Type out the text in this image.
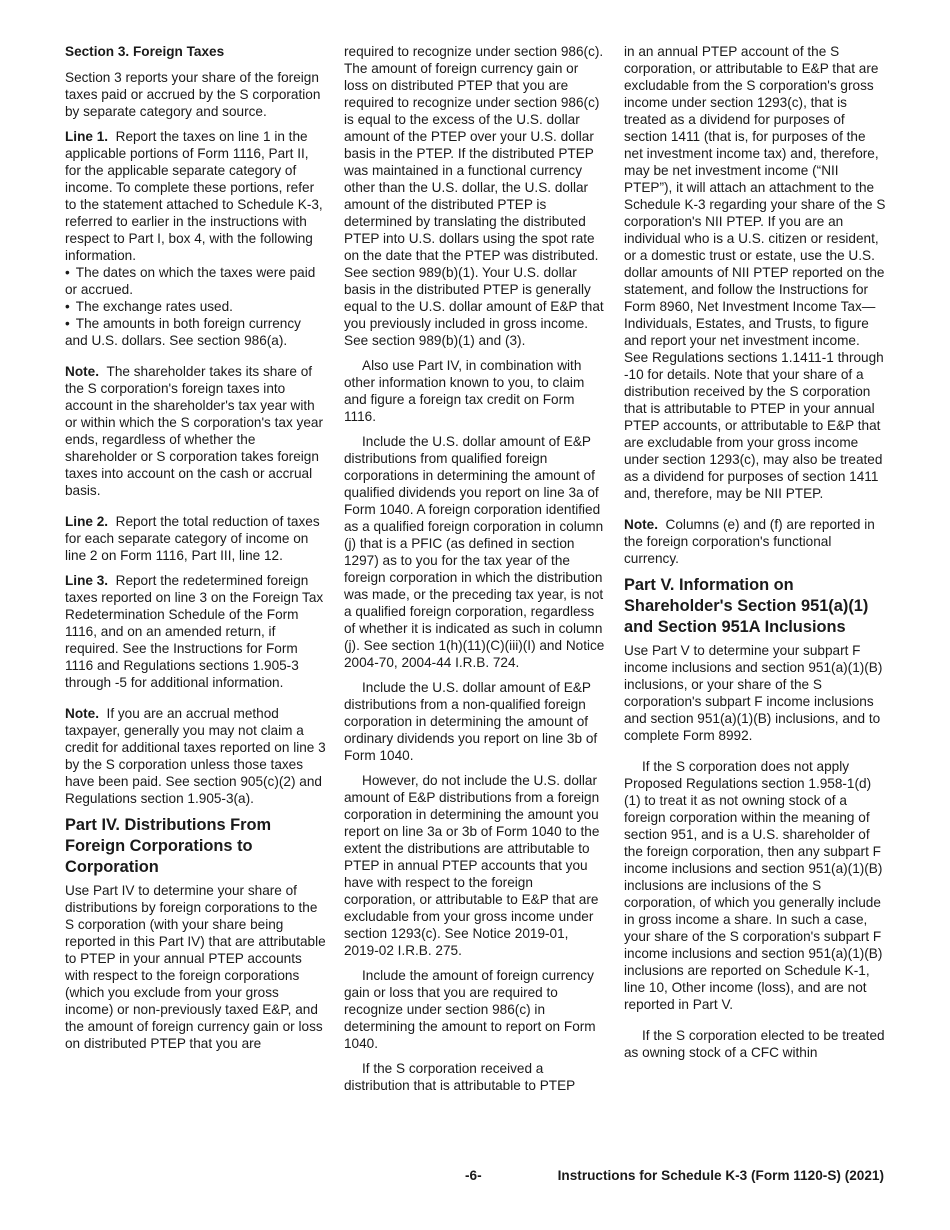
Section 3. Foreign Taxes

Section 3 reports your share of the foreign taxes paid or accrued by the S corporation by separate category and source.

Line 1. Report the taxes on line 1 in the applicable portions of Form 1116, Part II, for the applicable separate category of income. To complete these portions, refer to the statement attached to Schedule K-3, referred to earlier in the instructions with respect to Part I, box 4, with the following information.

• The dates on which the taxes were paid or accrued.
• The exchange rates used.
• The amounts in both foreign currency and U.S. dollars. See section 986(a).

Note. The shareholder takes its share of the S corporation's foreign taxes into account in the shareholder's tax year with or within which the S corporation's tax year ends, regardless of whether the shareholder or S corporation takes foreign taxes into account on the cash or accrual basis.

Line 2. Report the total reduction of taxes for each separate category of income on line 2 on Form 1116, Part III, line 12.

Line 3. Report the redetermined foreign taxes reported on line 3 on the Foreign Tax Redetermination Schedule of the Form 1116, and on an amended return, if required. See the Instructions for Form 1116 and Regulations sections 1.905-3 through -5 for additional information.

Note. If you are an accrual method taxpayer, generally you may not claim a credit for additional taxes reported on line 3 by the S corporation unless those taxes have been paid. See section 905(c)(2) and Regulations section 1.905-3(a).

Part IV. Distributions From Foreign Corporations to Corporation

Use Part IV to determine your share of distributions by foreign corporations to the S corporation (with your share being reported in this Part IV) that are attributable to PTEP in your annual PTEP accounts with respect to the foreign corporations (which you exclude from your gross income) or non-previously taxed E&P, and the amount of foreign currency gain or loss on distributed PTEP that you are

required to recognize under section 986(c). The amount of foreign currency gain or loss on distributed PTEP that you are required to recognize under section 986(c) is equal to the excess of the U.S. dollar amount of the PTEP over your U.S. dollar basis in the PTEP. If the distributed PTEP was maintained in a functional currency other than the U.S. dollar, the U.S. dollar amount of the distributed PTEP is determined by translating the distributed PTEP into U.S. dollars using the spot rate on the date that the PTEP was distributed. See section 989(b)(1). Your U.S. dollar basis in the distributed PTEP is generally equal to the U.S. dollar amount of E&P that you previously included in gross income. See section 989(b)(1) and (3).

Also use Part IV, in combination with other information known to you, to claim and figure a foreign tax credit on Form 1116.

Include the U.S. dollar amount of E&P distributions from qualified foreign corporations in determining the amount of qualified dividends you report on line 3a of Form 1040. A foreign corporation identified as a qualified foreign corporation in column (j) that is a PFIC (as defined in section 1297) as to you for the tax year of the foreign corporation in which the distribution was made, or the preceding tax year, is not a qualified foreign corporation, regardless of whether it is indicated as such in column (j). See section 1(h)(11)(C)(iii)(I) and Notice 2004-70, 2004-44 I.R.B. 724.

Include the U.S. dollar amount of E&P distributions from a non-qualified foreign corporation in determining the amount of ordinary dividends you report on line 3b of Form 1040.

However, do not include the U.S. dollar amount of E&P distributions from a foreign corporation in determining the amount you report on line 3a or 3b of Form 1040 to the extent the distributions are attributable to PTEP in annual PTEP accounts that you have with respect to the foreign corporation, or attributable to E&P that are excludable from your gross income under section 1293(c). See Notice 2019-01, 2019-02 I.R.B. 275.

Include the amount of foreign currency gain or loss that you are required to recognize under section 986(c) in determining the amount to report on Form 1040.

If the S corporation received a distribution that is attributable to PTEP

in an annual PTEP account of the S corporation, or attributable to E&P that are excludable from the S corporation's gross income under section 1293(c), that is treated as a dividend for purposes of section 1411 (that is, for purposes of the net investment income tax) and, therefore, may be net investment income (“NII PTEP”), it will attach an attachment to the Schedule K-3 regarding your share of the S corporation's NII PTEP. If you are an individual who is a U.S. citizen or resident, or a domestic trust or estate, use the U.S. dollar amounts of NII PTEP reported on the statement, and follow the Instructions for Form 8960, Net Investment Income Tax— Individuals, Estates, and Trusts, to figure and report your net investment income. See Regulations sections 1.1411-1 through -10 for details. Note that your share of a distribution received by the S corporation that is attributable to PTEP in your annual PTEP accounts, or attributable to E&P that are excludable from your gross income under section 1293(c), may also be treated as a dividend for purposes of section 1411 and, therefore, may be NII PTEP.

Note. Columns (e) and (f) are reported in the foreign corporation's functional currency.

Part V. Information on Shareholder's Section 951(a)(1) and Section 951A Inclusions

Use Part V to determine your subpart F income inclusions and section 951(a)(1)(B) inclusions, or your share of the S corporation's subpart F income inclusions and section 951(a)(1)(B) inclusions, and to complete Form 8992.

If the S corporation does not apply Proposed Regulations section 1.958-1(d)(1) to treat it as not owning stock of a foreign corporation within the meaning of section 951, and is a U.S. shareholder of the foreign corporation, then any subpart F income inclusions and section 951(a)(1)(B) inclusions are inclusions of the S corporation, of which you generally include in gross income a share. In such a case, your share of the S corporation's subpart F income inclusions and section 951(a)(1)(B) inclusions are reported on Schedule K-1, line 10, Other income (loss), and are not reported in Part V.

If the S corporation elected to be treated as owning stock of a CFC within

-6-	Instructions for Schedule K-3 (Form 1120-S) (2021)
